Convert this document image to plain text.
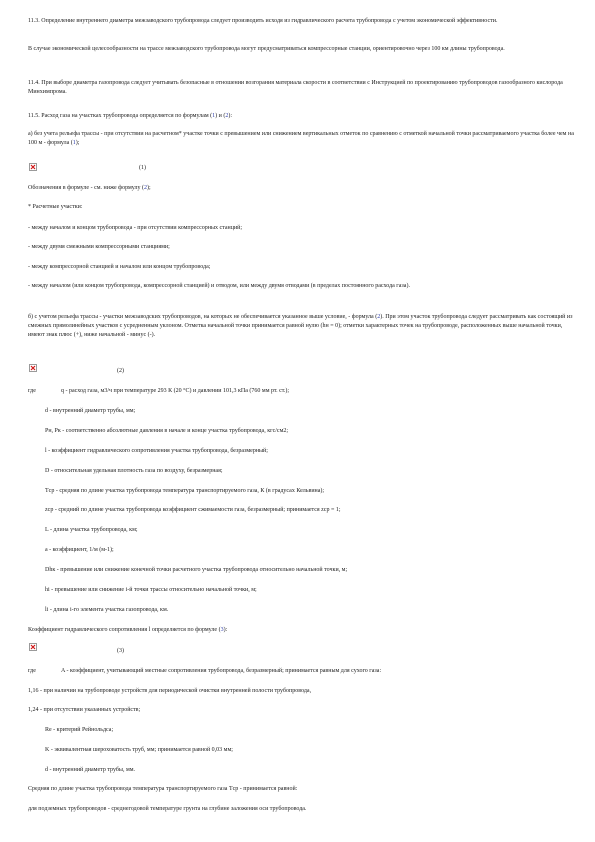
11.3. Определение внутреннего диаметра межзаводского трубопровода следует производить исходя из гидравлического расчета трубопровода с учетом экономической эффективности.

В случае экономической целесообразности на трассе межзаводского трубопровода могут предусматриваться компрессорные станции, ориентировочно через 100 км длины трубопровода.

11.4. При выборе диаметра газопровода следует учитывать безопасные в отношении возгорания материала скорости в соответствии с Инструкцией по проектированию трубопроводов газообразного кислорода Минхимпрома.

11.5. Расход газа на участках трубопровода определяется по формулам (1) и (2):

а) без учета рельефа трассы - при отсутствии на расчетном* участке точки с превышением или снижением вертикальных отметок по сравнению с отметкой начальной точки рассматриваемого участка более чем на 100 м - формула (1);

(1)

Обозначения в формуле - см. ниже формулу (2);

* Расчетные участки:

- между началом и концом трубопровода - при отсутствии компрессорных станций;

- между двумя смежными компрессорными станциями;

- между компрессорной станцией и началом или концом трубопровода;

- между началом (или концом трубопровода, компрессорной станцией) и отводом, или между двумя отводами (в пределах постоянного расхода газа).

б) с учетом рельефа трассы - участки межзаводских трубопроводов, на которых не обеспечивается указанное выше условие, - формула (2). При этом участок трубопровода следует рассматривать как состоящий из смежных прямолинейных участков с усредненным уклоном. Отметка начальной точки принимается равной нулю (hн = 0); отметки характерных точек на трубопроводе, расположенных выше начальной точки, имеют знак плюс (+), ниже начальной - минус (-).

(2)

где	q - расход газа, м3/ч при температуре 293 К (20 °С) и давлении 101,3 кПа (760 мм рт. ст.);

d - внутренний диаметр трубы, мм;

Pн, Pк - соответственно абсолютные давления в начале и конце участка трубопровода, кгс/см2;

l - коэффициент гидравлического сопротивления участка трубопровода, безразмерный;

D - относительная удельная плотность газа по воздуху, безразмерная;

Tср - средняя по длине участка трубопровода температура транспортируемого газа, К (в градусах Кельвина);

zср - средний по длине участка трубопровода коэффициент сжимаемости газа, безразмерный; принимается zср = 1;

L - длина участка трубопровода, км;

a - коэффициент, 1/м (м-1);

Dhк - превышение или снижение конечной точки расчетного участка трубопровода относительно начальной точки, м;

hi - превышение или снижение i-й точки трассы относительно начальной точки, м;

li - длина i-го элемента участка газопровода, км.

Коэффициент гидравлического сопротивления l определяется по формуле (3):

(3)

где	A - коэффициент, учитывающий местные сопротивления трубопровода, безразмерный; принимается равным для сухого газа:

1,16 - при наличии на трубопроводе устройств для периодической очистки внутренней полости трубопровода,

1,24 - при отсутствии указанных устройств;

Re - критерий Рейнольдса;

K - эквивалентная шероховатость труб, мм; принимается равной 0,03 мм;

d - внутренний диаметр трубы, мм.

Средняя по длине участка трубопровода температура транспортируемого газа Tср - принимается равной:

для подземных трубопроводов - среднегодовой температуре грунта на глубине заложения оси трубопровода.
